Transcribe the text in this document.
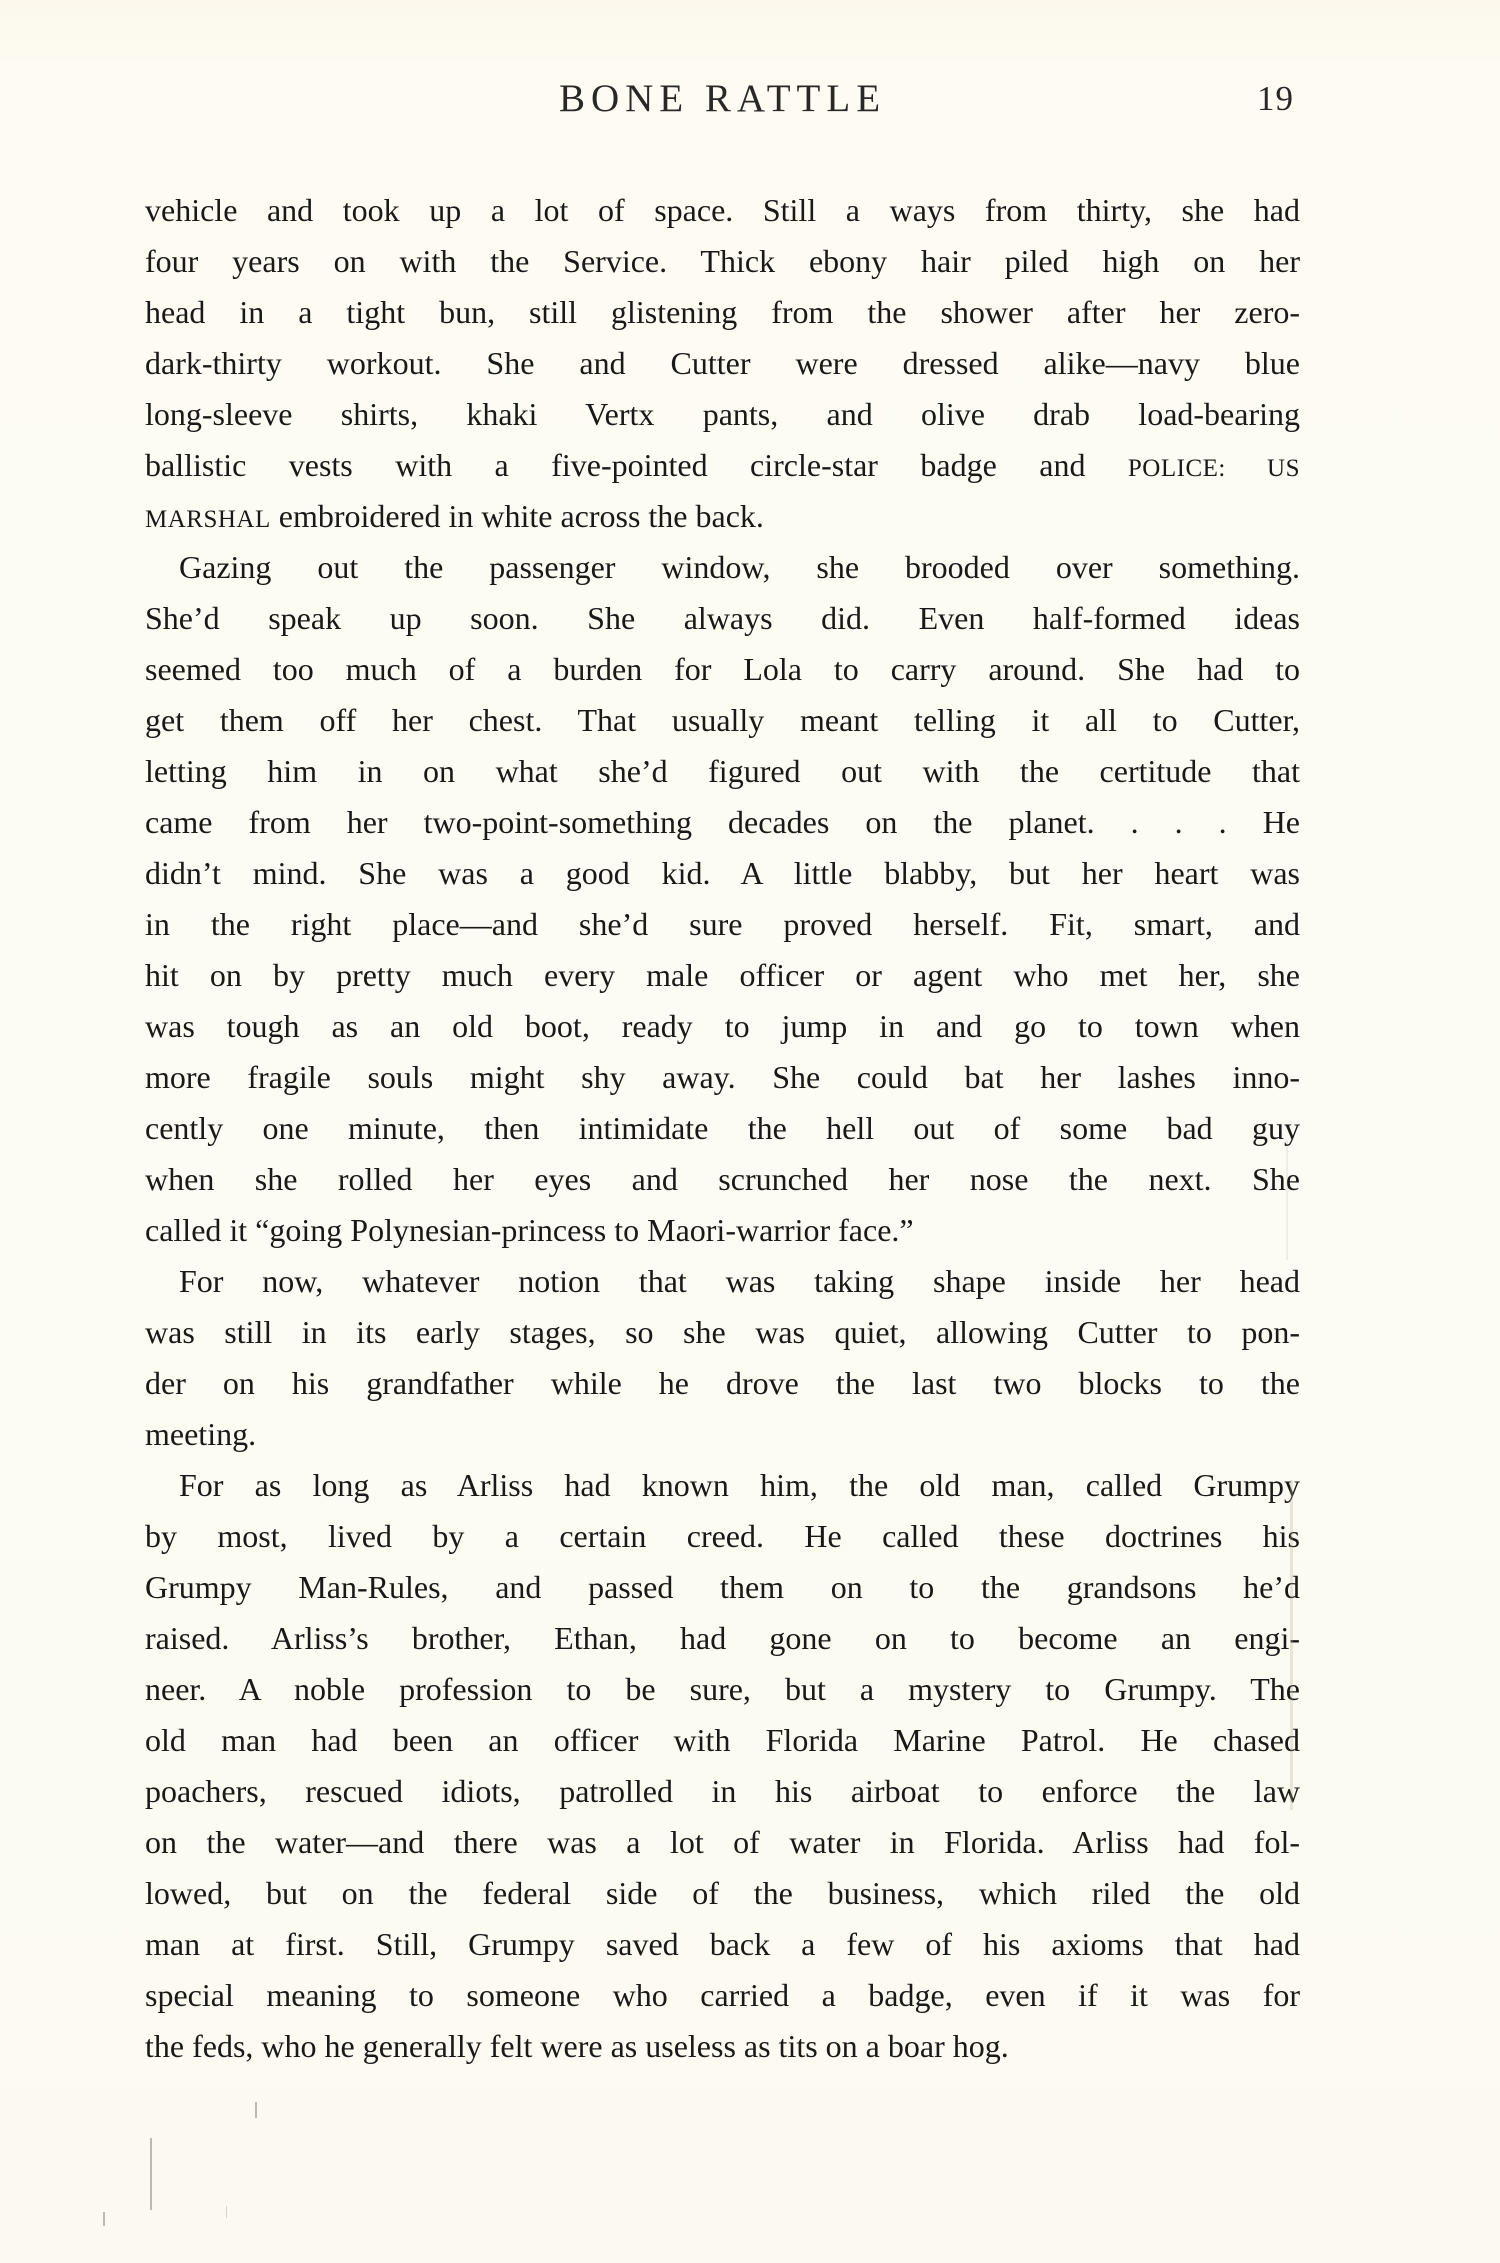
BONE RATTLE	19
vehicle and took up a lot of space. Still a ways from thirty, she had
four years on with the Service. Thick ebony hair piled high on her
head in a tight bun, still glistening from the shower after her zero-
dark-thirty workout. She and Cutter were dressed alike—navy blue
long-sleeve shirts, khaki Vertx pants, and olive drab load-bearing
ballistic vests with a five-pointed circle-star badge and POLICE: US
MARSHAL embroidered in white across the back.
Gazing out the passenger window, she brooded over something.
She’d speak up soon. She always did. Even half-formed ideas
seemed too much of a burden for Lola to carry around. She had to
get them off her chest. That usually meant telling it all to Cutter,
letting him in on what she’d figured out with the certitude that
came from her two-point-something decades on the planet. . . . He
didn’t mind. She was a good kid. A little blabby, but her heart was
in the right place—and she’d sure proved herself. Fit, smart, and
hit on by pretty much every male officer or agent who met her, she
was tough as an old boot, ready to jump in and go to town when
more fragile souls might shy away. She could bat her lashes inno-
cently one minute, then intimidate the hell out of some bad guy
when she rolled her eyes and scrunched her nose the next. She
called it “going Polynesian-princess to Maori-warrior face.”
For now, whatever notion that was taking shape inside her head
was still in its early stages, so she was quiet, allowing Cutter to pon-
der on his grandfather while he drove the last two blocks to the
meeting.
For as long as Arliss had known him, the old man, called Grumpy
by most, lived by a certain creed. He called these doctrines his
Grumpy Man-Rules, and passed them on to the grandsons he’d
raised. Arliss’s brother, Ethan, had gone on to become an engi-
neer. A noble profession to be sure, but a mystery to Grumpy. The
old man had been an officer with Florida Marine Patrol. He chased
poachers, rescued idiots, patrolled in his airboat to enforce the law
on the water—and there was a lot of water in Florida. Arliss had fol-
lowed, but on the federal side of the business, which riled the old
man at first. Still, Grumpy saved back a few of his axioms that had
special meaning to someone who carried a badge, even if it was for
the feds, who he generally felt were as useless as tits on a boar hog.
